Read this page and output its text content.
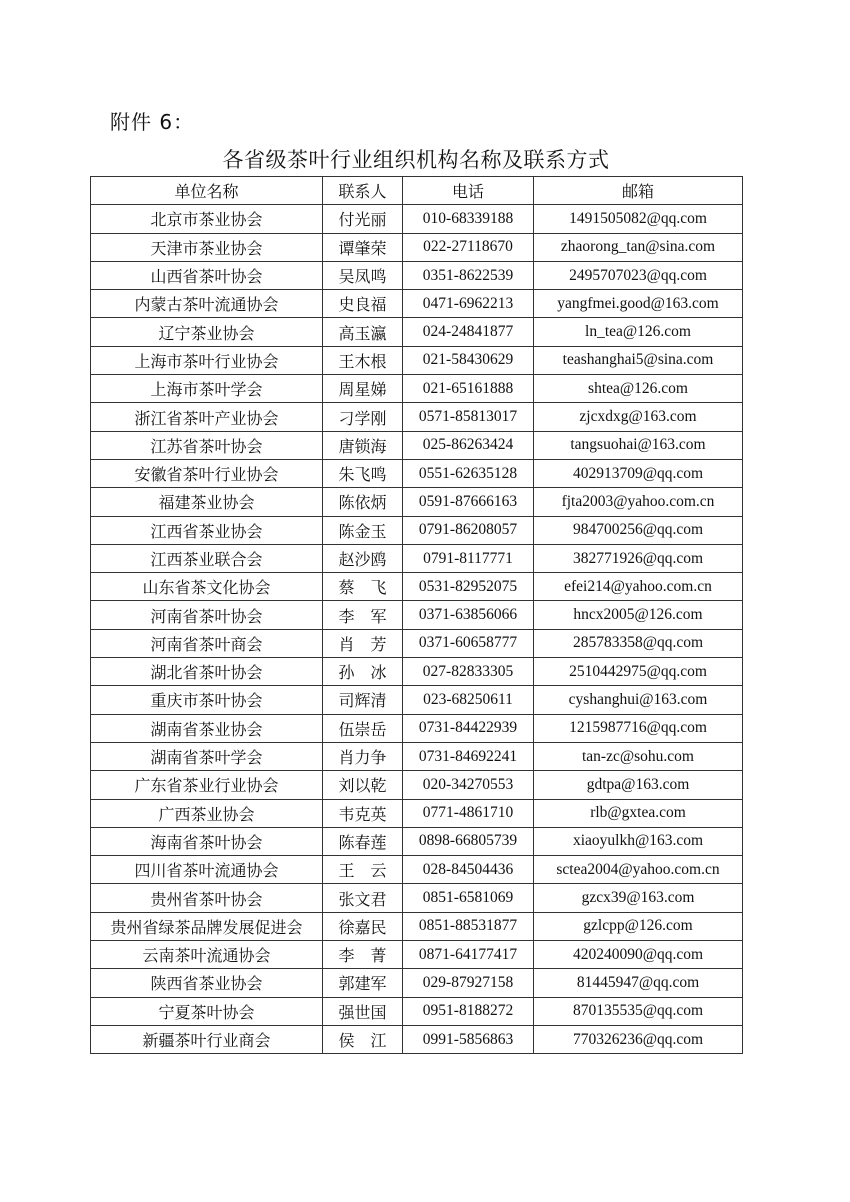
附件 6：
各省级茶叶行业组织机构名称及联系方式
单位名称	联系人	电话	邮箱
北京市茶业协会	付光丽	010-68339188	1491505082@qq.com
天津市茶业协会	谭肇荣	022-27118670	zhaorong_tan@sina.com
山西省茶叶协会	吴凤鸣	0351-8622539	2495707023@qq.com
内蒙古茶叶流通协会	史良福	0471-6962213	yangfmei.good@163.com
辽宁茶业协会	高玉瀛	024-24841877	ln_tea@126.com
上海市茶叶行业协会	王木根	021-58430629	teashanghai5@sina.com
上海市茶叶学会	周星娣	021-65161888	shtea@126.com
浙江省茶叶产业协会	刁学刚	0571-85813017	zjcxdxg@163.com
江苏省茶叶协会	唐锁海	025-86263424	tangsuohai@163.com
安徽省茶叶行业协会	朱飞鸣	0551-62635128	402913709@qq.com
福建茶业协会	陈依炳	0591-87666163	fjta2003@yahoo.com.cn
江西省茶业协会	陈金玉	0791-86208057	984700256@qq.com
江西茶业联合会	赵沙鸥	0791-8117771	382771926@qq.com
山东省茶文化协会	蔡　飞	0531-82952075	efei214@yahoo.com.cn
河南省茶叶协会	李　军	0371-63856066	hncx2005@126.com
河南省茶叶商会	肖　芳	0371-60658777	285783358@qq.com
湖北省茶叶协会	孙　冰	027-82833305	2510442975@qq.com
重庆市茶叶协会	司辉清	023-68250611	cyshanghui@163.com
湖南省茶业协会	伍崇岳	0731-84422939	1215987716@qq.com
湖南省茶叶学会	肖力争	0731-84692241	tan-zc@sohu.com
广东省茶业行业协会	刘以乾	020-34270553	gdtpa@163.com
广西茶业协会	韦克英	0771-4861710	rlb@gxtea.com
海南省茶叶协会	陈春莲	0898-66805739	xiaoyulkh@163.com
四川省茶叶流通协会	王　云	028-84504436	sctea2004@yahoo.com.cn
贵州省茶叶协会	张文君	0851-6581069	gzcx39@163.com
贵州省绿茶品牌发展促进会	徐嘉民	0851-88531877	gzlcpp@126.com
云南茶叶流通协会	李　菁	0871-64177417	420240090@qq.com
陕西省茶业协会	郭建军	029-87927158	81445947@qq.com
宁夏茶叶协会	强世国	0951-8188272	870135535@qq.com
新疆茶叶行业商会	侯　江	0991-5856863	770326236@qq.com
